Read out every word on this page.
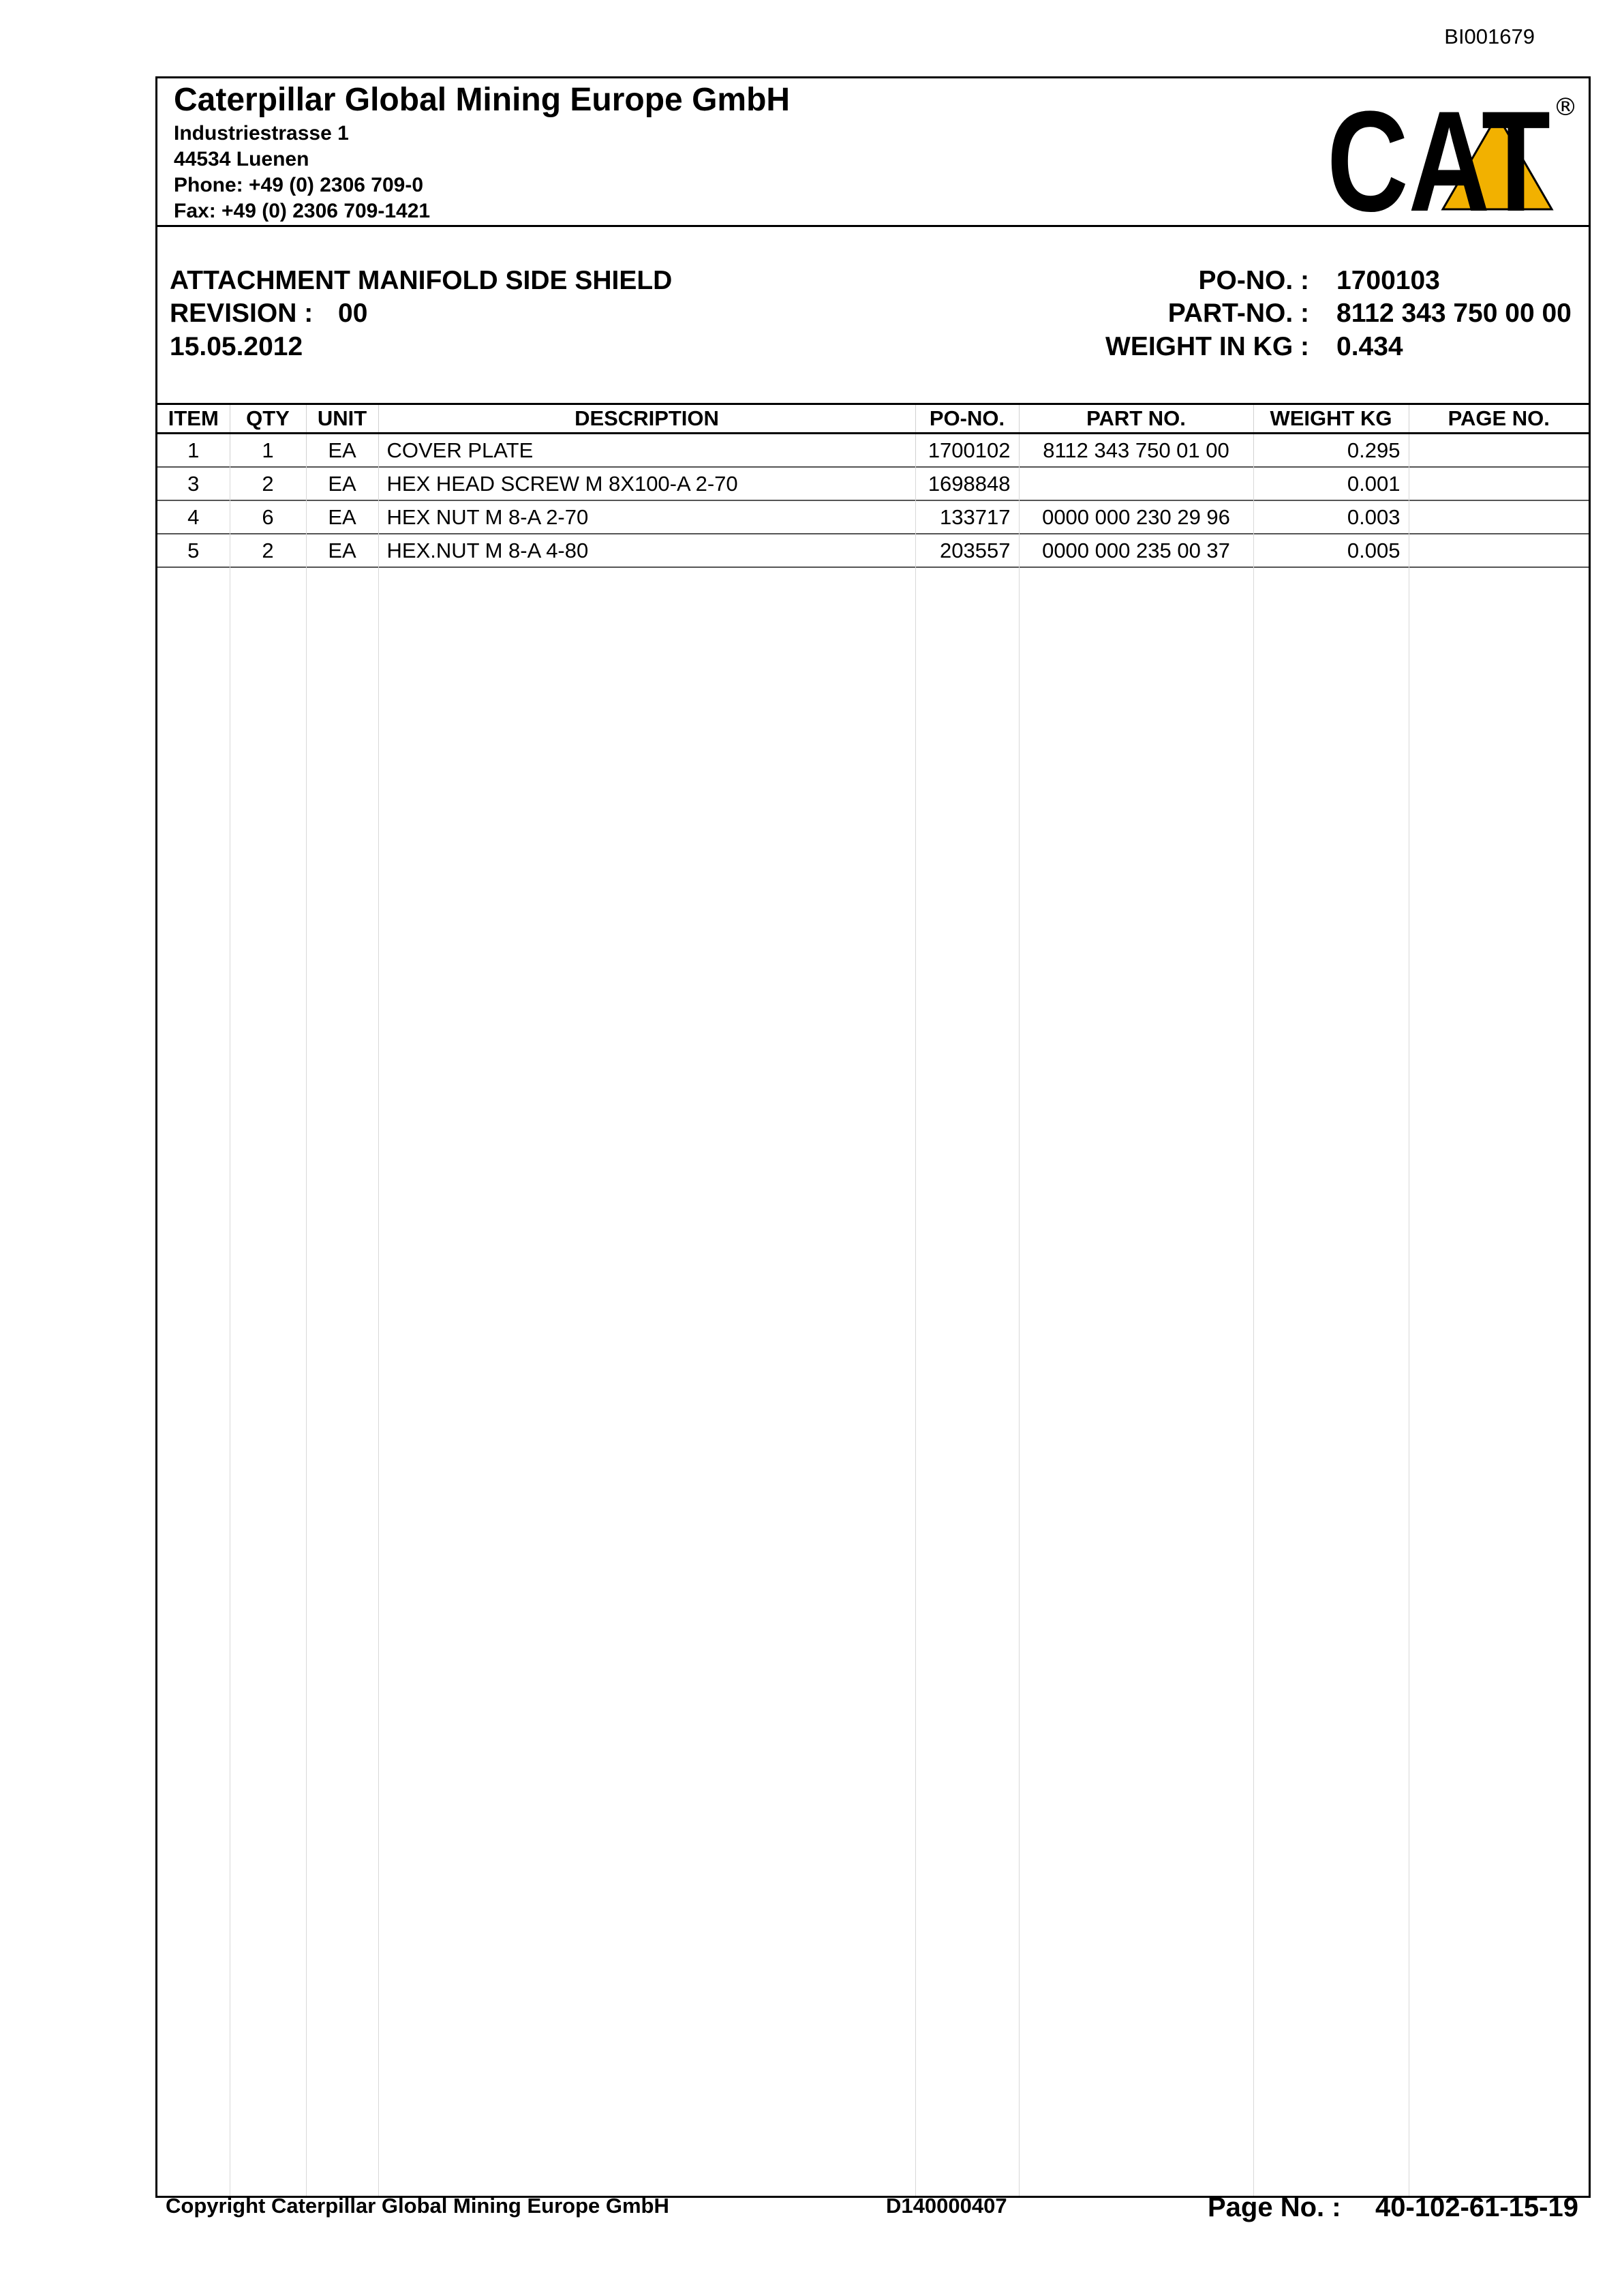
BI001679
Caterpillar Global Mining Europe GmbH
Industriestrasse 1
44534 Luenen
Phone: +49 (0) 2306 709-0
Fax: +49 (0) 2306 709-1421	CAT ®
ATTACHMENT MANIFOLD SIDE SHIELD
REVISION : 00
15.05.2012
PO-NO. : 1700103
PART-NO. : 8112 343 750 00 00
WEIGHT IN KG : 0.434
ITEM	QTY	UNIT	DESCRIPTION	PO-NO.	PART NO.	WEIGHT KG	PAGE NO.
1	1	EA	COVER PLATE	1700102	8112 343 750 01 00	0.295	
3	2	EA	HEX HEAD SCREW M 8X100-A 2-70	1698848		0.001	
4	6	EA	HEX NUT M 8-A 2-70	133717	0000 000 230 29 96	0.003	
5	2	EA	HEX.NUT M 8-A 4-80	203557	0000 000 235 00 37	0.005	
Copyright Caterpillar Global Mining Europe GmbH	D140000407	Page No. : 40-102-61-15-19
